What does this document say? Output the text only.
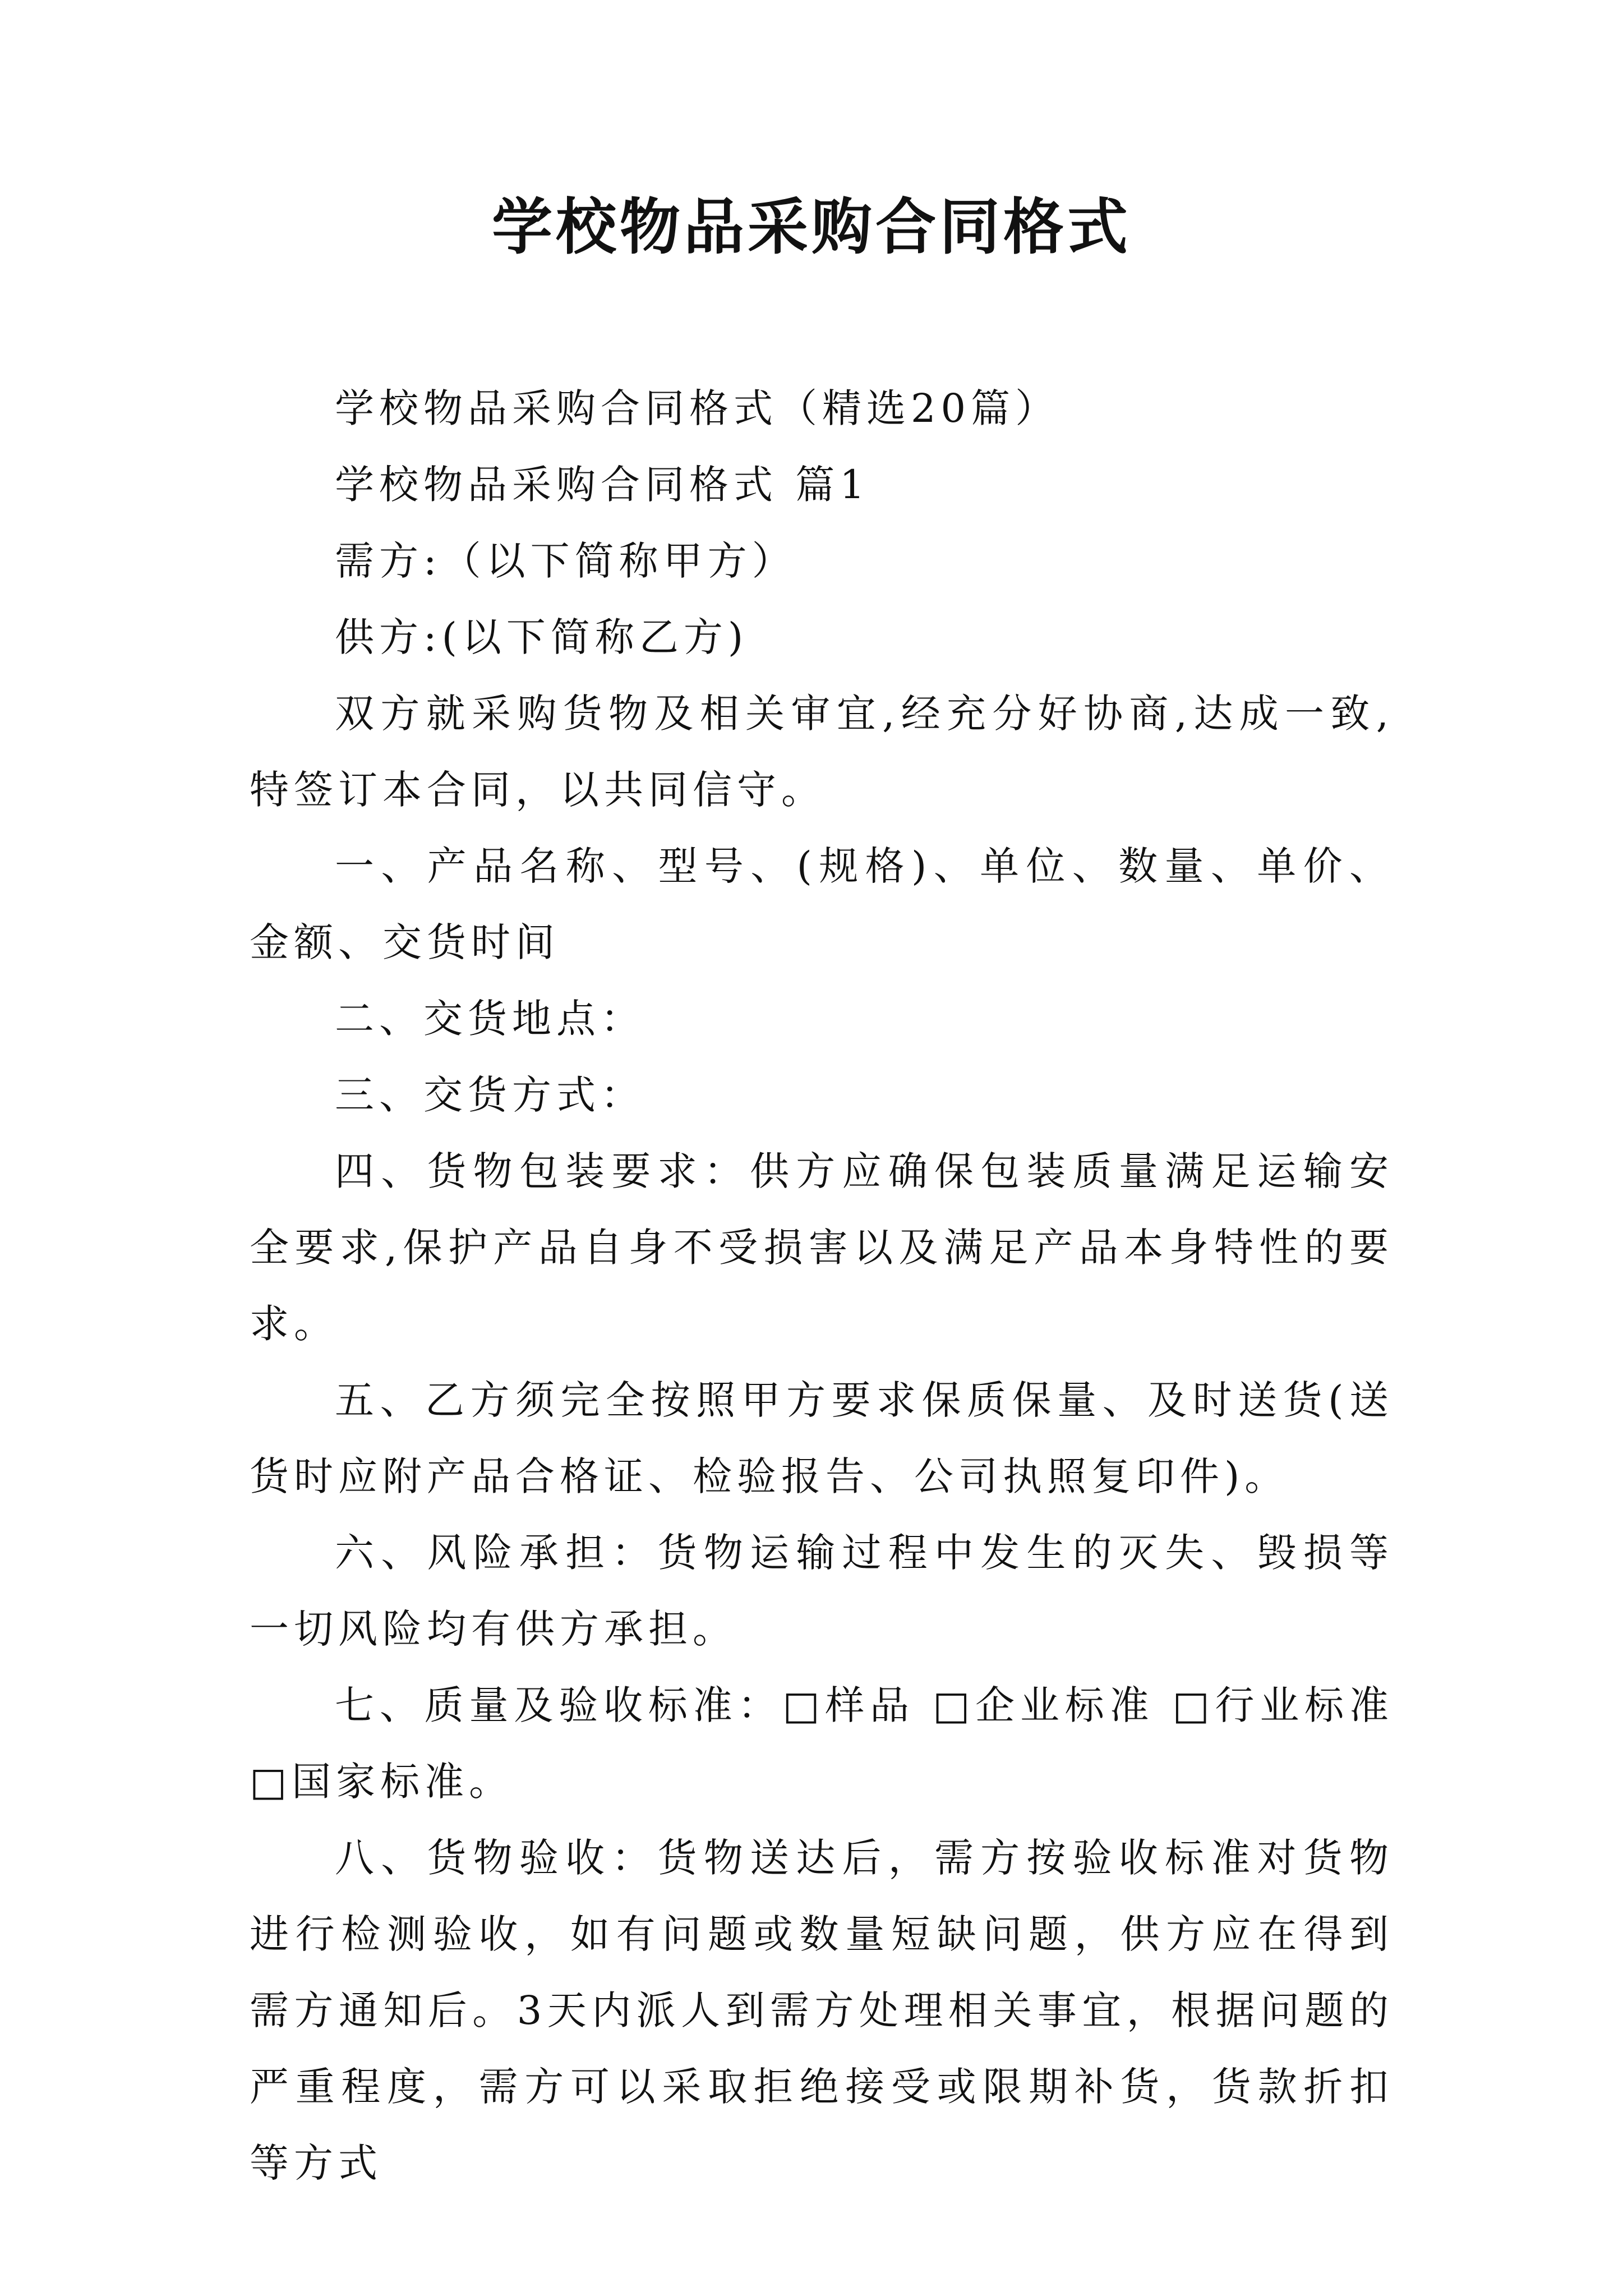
学校物品采购合同格式

学校物品采购合同格式（精选20篇）

学校物品采购合同格式 篇1

需方:（以下简称甲方）

供方:(以下简称乙方)

双方就采购货物及相关审宜,经充分好协商,达成一致,特签订本合同，以共同信守。

一、产品名称、型号、(规格)、单位、数量、单价、金额、交货时间

二、交货地点：

三、交货方式：

四、货物包装要求：供方应确保包装质量满足运输安全要求,保护产品自身不受损害以及满足产品本身特性的要求。

五、乙方须完全按照甲方要求保质保量、及时送货(送货时应附产品合格证、检验报告、公司执照复印件)。

六、风险承担：货物运输过程中发生的灭失、毁损等一切风险均有供方承担。

七、质量及验收标准：□样品 □企业标准 □行业标准□国家标准。

八、货物验收：货物送达后，需方按验收标准对货物进行检测验收，如有问题或数量短缺问题，供方应在得到需方通知后。3天内派人到需方处理相关事宜，根据问题的严重程度，需方可以采取拒绝接受或限期补货，货款折扣等方式
